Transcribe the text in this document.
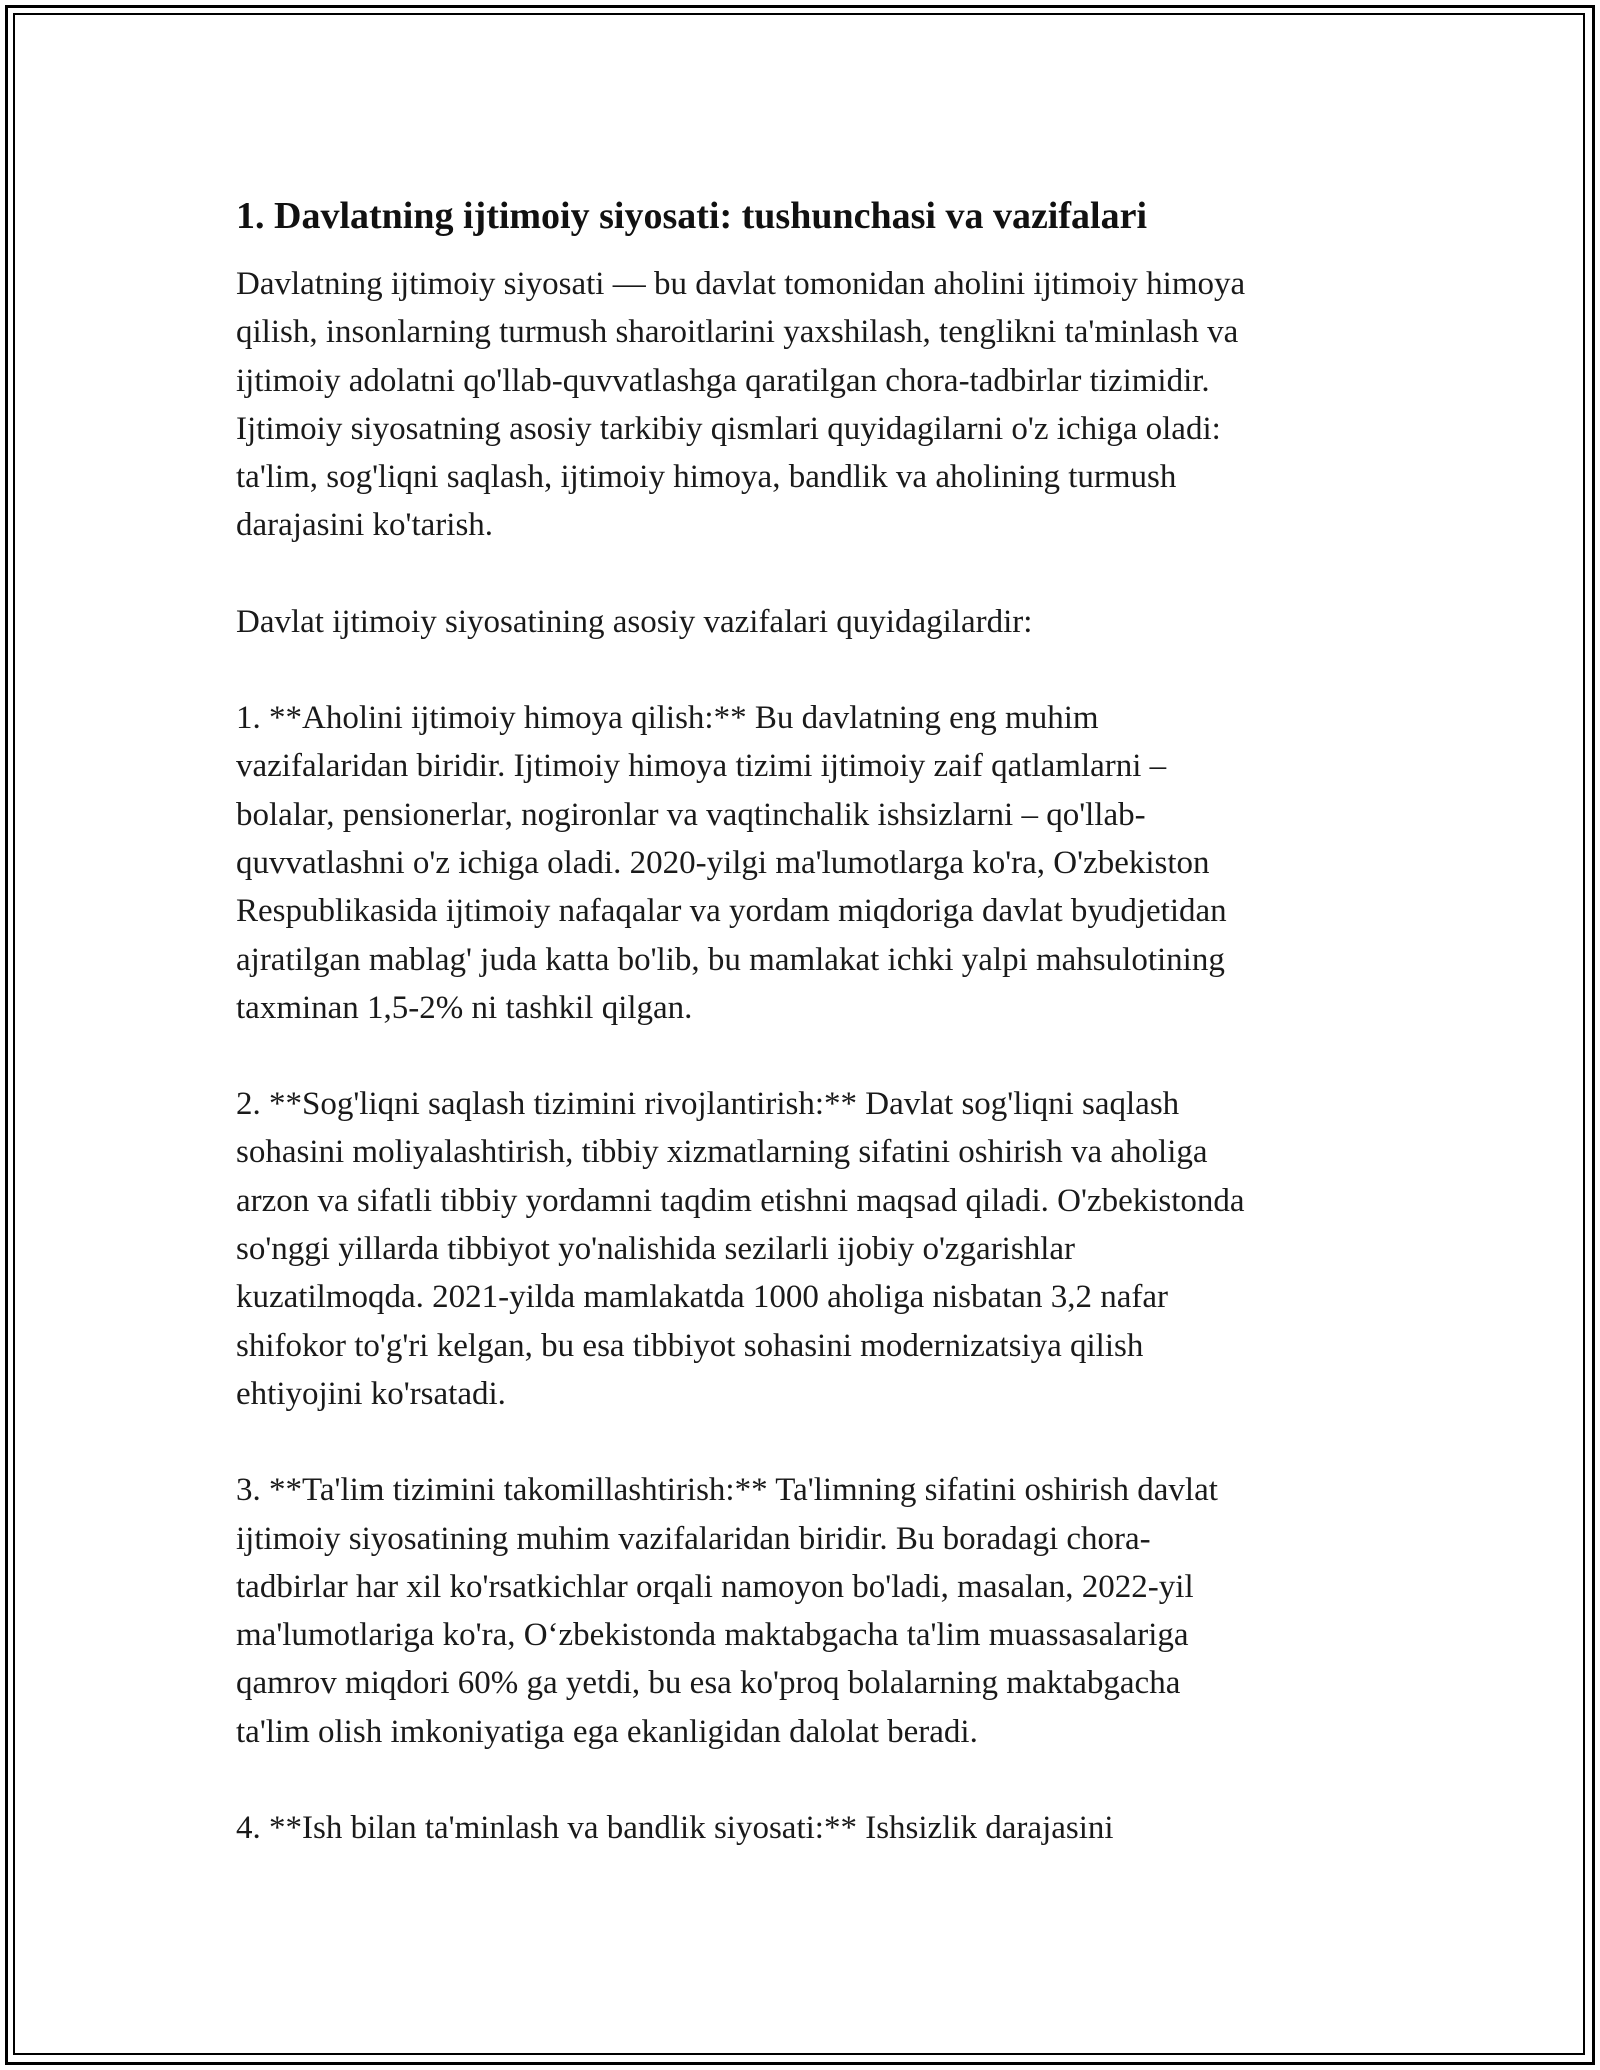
1. Davlatning ijtimoiy siyosati: tushunchasi va vazifalari
Davlatning ijtimoiy siyosati — bu davlat tomonidan aholini ijtimoiy himoya
qilish, insonlarning turmush sharoitlarini yaxshilash, tenglikni ta'minlash va
ijtimoiy adolatni qo'llab-quvvatlashga qaratilgan chora-tadbirlar tizimidir.
Ijtimoiy siyosatning asosiy tarkibiy qismlari quyidagilarni o'z ichiga oladi:
ta'lim, sog'liqni saqlash, ijtimoiy himoya, bandlik va aholining turmush
darajasini ko'tarish.
Davlat ijtimoiy siyosatining asosiy vazifalari quyidagilardir:
1. **Aholini ijtimoiy himoya qilish:** Bu davlatning eng muhim
vazifalaridan biridir. Ijtimoiy himoya tizimi ijtimoiy zaif qatlamlarni –
bolalar, pensionerlar, nogironlar va vaqtinchalik ishsizlarni – qo'llab-
quvvatlashni o'z ichiga oladi. 2020-yilgi ma'lumotlarga ko'ra, O'zbekiston
Respublikasida ijtimoiy nafaqalar va yordam miqdoriga davlat byudjetidan
ajratilgan mablag' juda katta bo'lib, bu mamlakat ichki yalpi mahsulotining
taxminan 1,5-2% ni tashkil qilgan.
2. **Sog'liqni saqlash tizimini rivojlantirish:** Davlat sog'liqni saqlash
sohasini moliyalashtirish, tibbiy xizmatlarning sifatini oshirish va aholiga
arzon va sifatli tibbiy yordamni taqdim etishni maqsad qiladi. O'zbekistonda
so'nggi yillarda tibbiyot yo'nalishida sezilarli ijobiy o'zgarishlar
kuzatilmoqda. 2021-yilda mamlakatda 1000 aholiga nisbatan 3,2 nafar
shifokor to'g'ri kelgan, bu esa tibbiyot sohasini modernizatsiya qilish
ehtiyojini ko'rsatadi.
3. **Ta'lim tizimini takomillashtirish:** Ta'limning sifatini oshirish davlat
ijtimoiy siyosatining muhim vazifalaridan biridir. Bu boradagi chora-
tadbirlar har xil ko'rsatkichlar orqali namoyon bo'ladi, masalan, 2022-yil
ma'lumotlariga ko'ra, O‘zbekistonda maktabgacha ta'lim muassasalariga
qamrov miqdori 60% ga yetdi, bu esa ko'proq bolalarning maktabgacha
ta'lim olish imkoniyatiga ega ekanligidan dalolat beradi.
4. **Ish bilan ta'minlash va bandlik siyosati:** Ishsizlik darajasini
